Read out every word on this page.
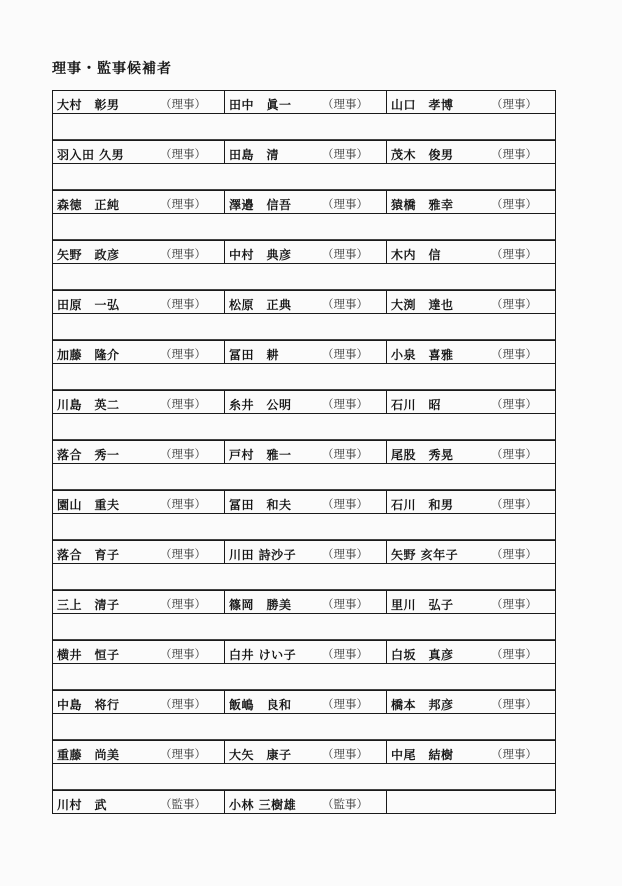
理事・監事候補者
大村　彰男	（理事） 田中　眞一	（理事） 山口　孝博	（理事）
羽入田 久男	（理事） 田島　清	（理事） 茂木　俊男	（理事）
森徳　正純	（理事） 澤邉　信吾	（理事） 猿橋　雅幸	（理事）
矢野　政彦	（理事） 中村　典彦	（理事） 木内　信	（理事）
田原　一弘	（理事） 松原　正典	（理事） 大渕　達也	（理事）
加藤　隆介	（理事） 冨田　耕	（理事） 小泉　喜雅	（理事）
川島　英二	（理事） 糸井　公明	（理事） 石川　昭	（理事）
落合　秀一	（理事） 戸村　雅一	（理事） 尾股　秀晃	（理事）
園山　重夫	（理事） 冨田　和夫	（理事） 石川　和男	（理事）
落合　育子	（理事） 川田 詩沙子 （理事） 矢野 亥年子	（理事）
三上　清子	（理事） 篠岡　勝美	（理事） 里川　弘子	（理事）
横井　恒子	（理事） 白井 けい子 （理事） 白坂　真彦	（理事）
中島　将行	（理事） 飯嶋　良和	（理事） 橋本　邦彦	（理事）
重藤　尚美	（理事） 大矢　康子	（理事） 中尾　結樹	（理事）
川村　武	（監事） 小林 三樹雄 （監事）
